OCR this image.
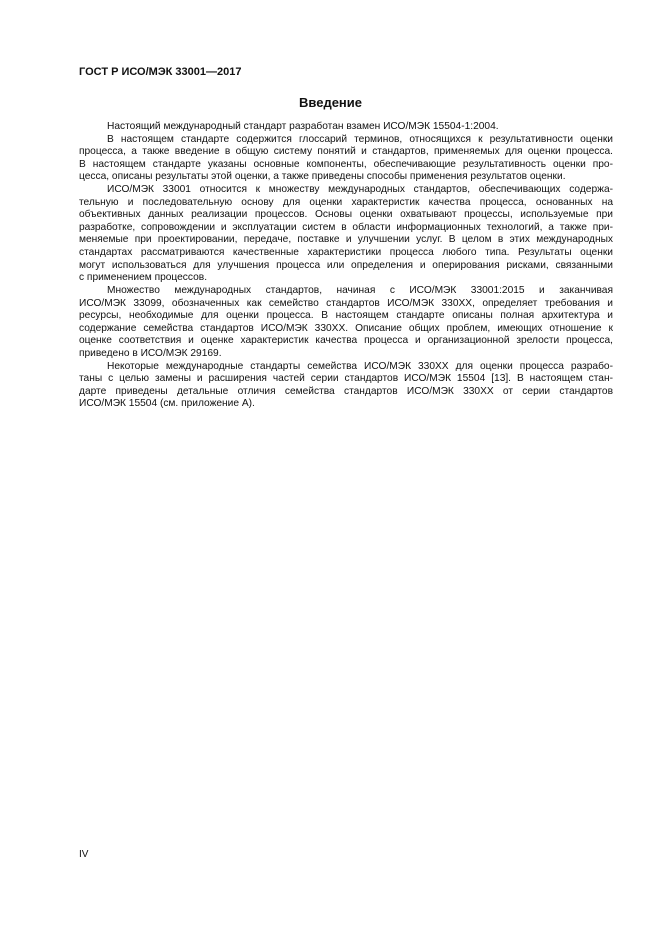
ГОСТ Р ИСО/МЭК 33001—2017
Введение
Настоящий международный стандарт разработан взамен ИСО/МЭК 15504-1:2004.
В настоящем стандарте содержится глоссарий терминов, относящихся к результативности оценки
процесса, а также введение в общую систему понятий и стандартов, применяемых для оценки процесса.
В настоящем стандарте указаны основные компоненты, обеспечивающие результативность оценки про-
цесса, описаны результаты этой оценки, а также приведены способы применения результатов оценки.
ИСО/МЭК 33001 относится к множеству международных стандартов, обеспечивающих содержа-
тельную и последовательную основу для оценки характеристик качества процесса, основанных на
объективных данных реализации процессов. Основы оценки охватывают процессы, используемые при
разработке, сопровождении и эксплуатации систем в области информационных технологий, а также при-
меняемые при проектировании, передаче, поставке и улучшении услуг. В целом в этих международных
стандартах рассматриваются качественные характеристики процесса любого типа. Результаты оценки
могут использоваться для улучшения процесса или определения и оперирования рисками, связанными
с применением процессов.
Множество международных стандартов, начиная с ИСО/МЭК 33001:2015 и заканчивая
ИСО/МЭК 33099, обозначенных как семейство стандартов ИСО/МЭК 330XX, определяет требования и
ресурсы, необходимые для оценки процесса. В настоящем стандарте описаны полная архитектура и
содержание семейства стандартов ИСО/МЭК 330XX. Описание общих проблем, имеющих отношение к
оценке соответствия и оценке характеристик качества процесса и организационной зрелости процесса,
приведено в ИСО/МЭК 29169.
Некоторые международные стандарты семейства ИСО/МЭК 330XX для оценки процесса разрабо-
таны с целью замены и расширения частей серии стандартов ИСО/МЭК 15504 [13]. В настоящем стан-
дарте приведены детальные отличия семейства стандартов ИСО/МЭК 330XX от серии стандартов
ИСО/МЭК 15504 (см. приложение А).
IV
